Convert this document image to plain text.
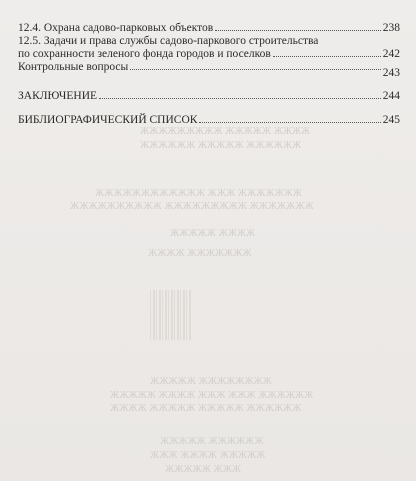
ЖЖЖЖ ЖЖЖЖЖ ЖЖЖЖЖЖЖЖЖ
ЖЖЖЖЖЖ ЖЖЖЖЖ ЖЖЖЖЖЖ
ЖЖЖЖЖЖЖ ЖЖЖ ЖЖЖЖЖЖЖЖЖЖЖЖ
ЖЖЖЖЖЖЖ ЖЖЖЖЖЖЖЖЖ ЖЖЖЖЖЖЖЖЖЖ
ЖЖЖЖ ЖЖЖЖЖ
ЖЖЖЖЖЖЖ ЖЖЖЖ
ЖЖЖЖЖЖЖЖ ЖЖЖЖЖ
ЖЖЖЖЖЖ ЖЖЖ ЖЖЖ ЖЖЖЖ ЖЖЖЖЖ
ЖЖЖЖЖЖ ЖЖЖЖЖ ЖЖЖЖЖ ЖЖЖЖ
ЖЖЖЖЖЖ ЖЖЖЖЖ
ЖЖЖЖЖ ЖЖЖЖ ЖЖЖ
ЖЖЖ ЖЖЖЖЖ
12.4. Охрана садово-парковых объектов	238
12.5. Задачи и права службы садово-паркового строительства
по сохранности зеленого фонда городов и поселков	242
Контрольные вопросы	243
ЗАКЛЮЧЕНИЕ	244
БИБЛИОГРАФИЧЕСКИЙ СПИСОК	245
